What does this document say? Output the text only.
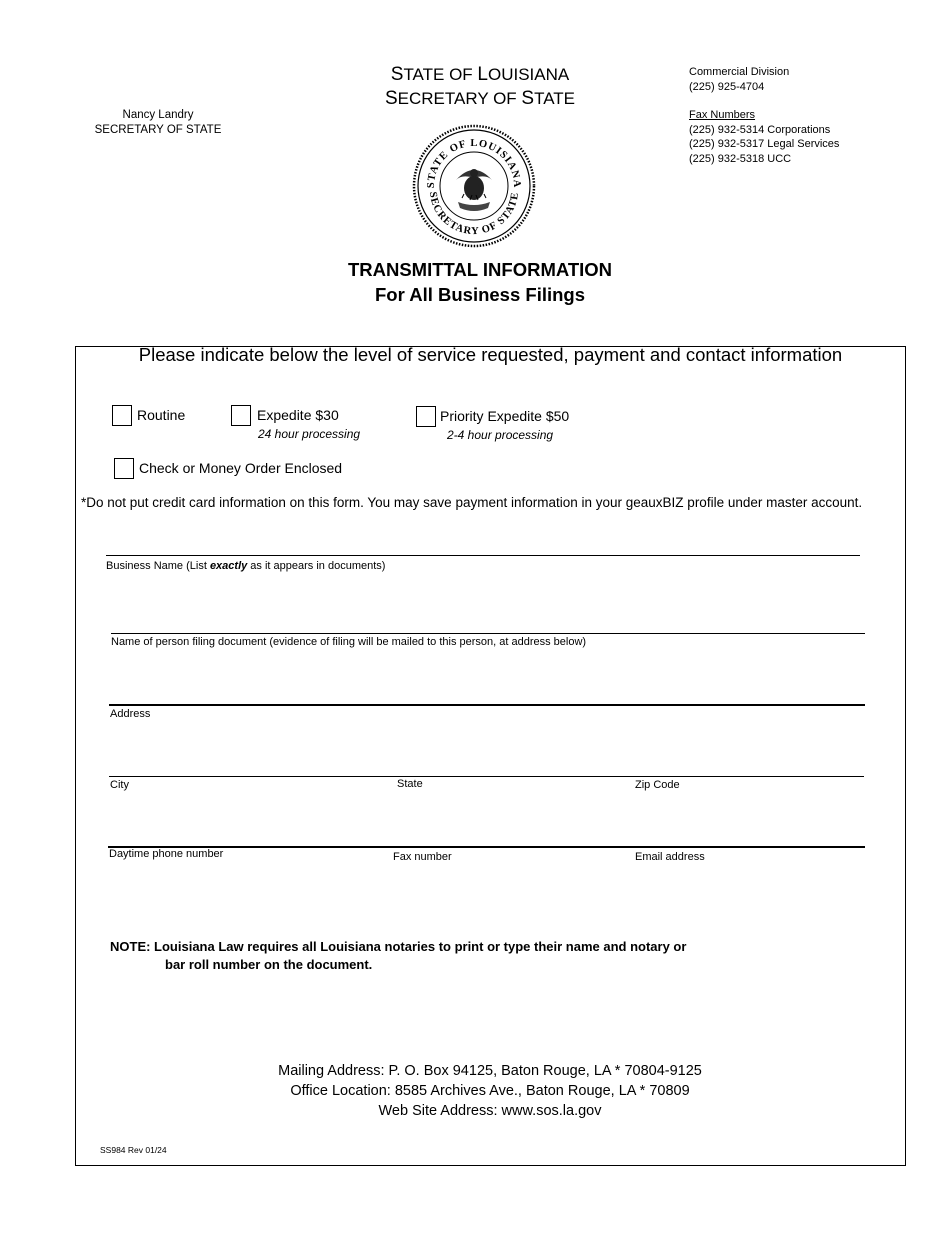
Nancy Landry
SECRETARY OF STATE
STATE OF LOUISIANA
SECRETARY OF STATE
Commercial Division
(225) 925-4704
Fax Numbers
(225) 932-5314 Corporations
(225) 932-5317 Legal Services
(225) 932-5318 UCC
STATE OF LOUISIANA
SECRETARY OF STATE
TRANSMITTAL INFORMATION
For All Business Filings
Please indicate below the level of service requested, payment and contact information
Routine	Expedite $30
24 hour processing
Priority Expedite $50
2-4 hour processing
Check or Money Order Enclosed
*Do not put credit card information on this form. You may save payment information in your geauxBIZ profile under master account.
Business Name (List exactly as it appears in documents)
Name of person filing document (evidence of filing will be mailed to this person, at address below)
Address
City	State	Zip Code
Daytime phone number	Fax number	Email address
NOTE: Louisiana Law requires all Louisiana notaries to print or type their name and notary or
bar roll number on the document.
Mailing Address: P. O. Box 94125, Baton Rouge, LA * 70804-9125
Office Location: 8585 Archives Ave., Baton Rouge, LA * 70809
Web Site Address: www.sos.la.gov
SS984 Rev 01/24
